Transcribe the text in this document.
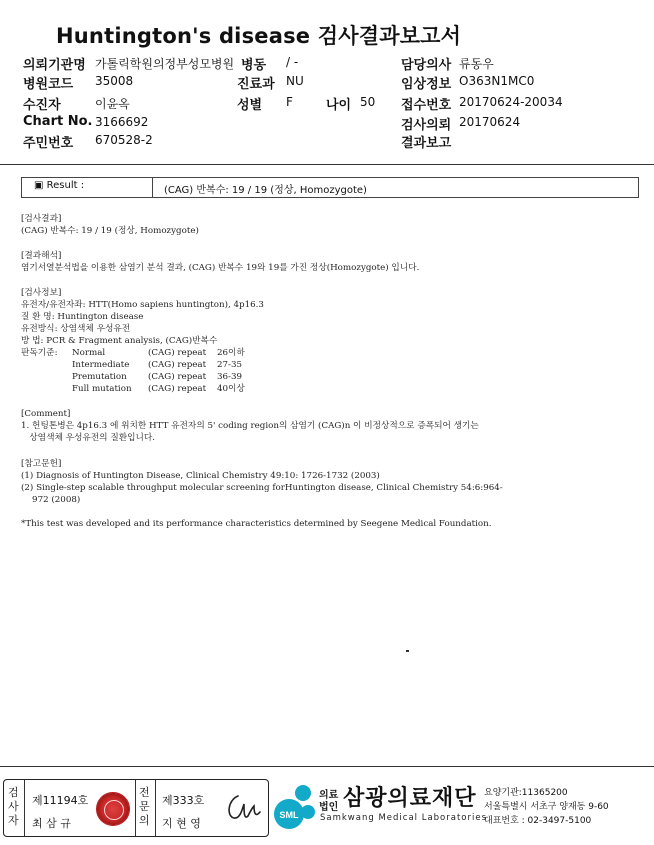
Huntington's disease 검사결과보고서
의뢰기관명 가톨릭학원의정부성모병원 병동 / -	담당의사 류동우
병원코드 35008	진료과 NU	임상정보 O363N1MC0
수진자	이윤옥	성별 F	나이 50 접수번호 20170624-20034
Chart No. 3166692	검사의뢰 20170624
주민번호 670528-2	결과보고
▣ Result :	(CAG) 반복수: 19 / 19 (정상, Homozygote)
[검사결과]
(CAG) 반복수: 19 / 19 (정상, Homozygote)
[결과해석]
염기서열분석법을 이용한 삼염기 분석 결과, (CAG) 반복수 19와 19를 가진 정상(Homozygote) 입니다.
[검사정보]
유전자/유전자좌: HTT(Homo sapiens huntington), 4p16.3
질 환 명: Huntington disease
유전방식: 상염색체 우성유전
방 법: PCR & Fragment analysis, (CAG)반복수
판독기준: Normal	(CAG) repeat 26이하
Intermediate (CAG) repeat 27-35
Premutation (CAG) repeat 36-39
Full mutation (CAG) repeat 40이상
[Comment]
1. 헌팅톤병은 4p16.3 에 위치한 HTT 유전자의 5' coding region의 삼염기 (CAG)n 이 비정상적으로 증폭되어 생기는
상염색체 우성유전의 질환입니다.
[참고문헌]
(1) Diagnosis of Huntington Disease, Clinical Chemistry 49:10: 1726-1732 (2003)
(2) Single-step scalable throughput molecular screening forHuntington disease, Clinical Chemistry 54:6:964-
972 (2008)
*This test was developed and its performance characteristics determined by Seegene Medical Foundation.
검
사
자
제11194호
최 삼 규
전
문
의
제333호
지 현 영
SML
의료
법인 삼광의료재단
Samkwang Medical Laboratories
요양기관:11365200
서울특별시 서초구 양재동 9-60
대표번호 : 02-3497-5100
